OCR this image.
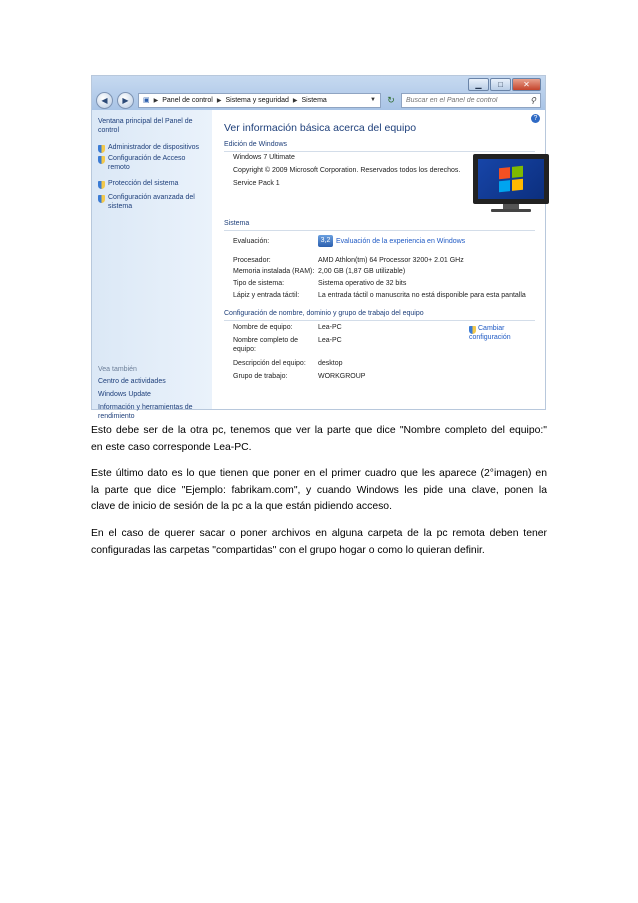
▁	□	✕
◀	▶	▣ ▶ Panel de control ▶ Sistema y seguridad ▶ Sistema	▼ ↻
Buscar en el Panel de control	⚲
Ventana principal del Panel de control
Administrador de dispositivos
Configuración de Acceso remoto
Protección del sistema
Configuración avanzada del sistema
Vea también
Centro de actividades
Windows Update
Información y herramientas de rendimiento
?
Ver información básica acerca del equipo
Edición de Windows
Windows 7 Ultimate
Copyright © 2009 Microsoft Corporation. Reservados todos los derechos.
Service Pack 1
Sistema
Evaluación:	3,2 Evaluación de la experiencia en Windows
Procesador:	AMD Athlon(tm) 64 Processor 3200+ 2.01 GHz
Memoria instalada (RAM): 2,00 GB (1,87 GB utilizable)
Tipo de sistema:	Sistema operativo de 32 bits
Lápiz y entrada táctil:	La entrada táctil o manuscrita no está disponible para esta pantalla
Configuración de nombre, dominio y grupo de trabajo del equipo
Nombre de equipo:	Lea-PC
Nombre completo de equipo:
Lea-PC
Descripción del equipo: desktop
Grupo de trabajo:	WORKGROUP
Cambiar configuración
Esto debe ser de la otra pc, tenemos que ver la parte que dice "Nombre completo del equipo:"
en este caso corresponde Lea-PC.
Este último dato es lo que tienen que poner en el primer cuadro que les aparece (2°imagen) en
la parte que dice "Ejemplo: fabrikam.com", y cuando Windows les pide una clave, ponen la
clave de inicio de sesión de la pc a la que están pidiendo acceso.
En el caso de querer sacar o poner archivos en alguna carpeta de la pc remota deben tener
configuradas las carpetas "compartidas" con el grupo hogar o como lo quieran definir.
